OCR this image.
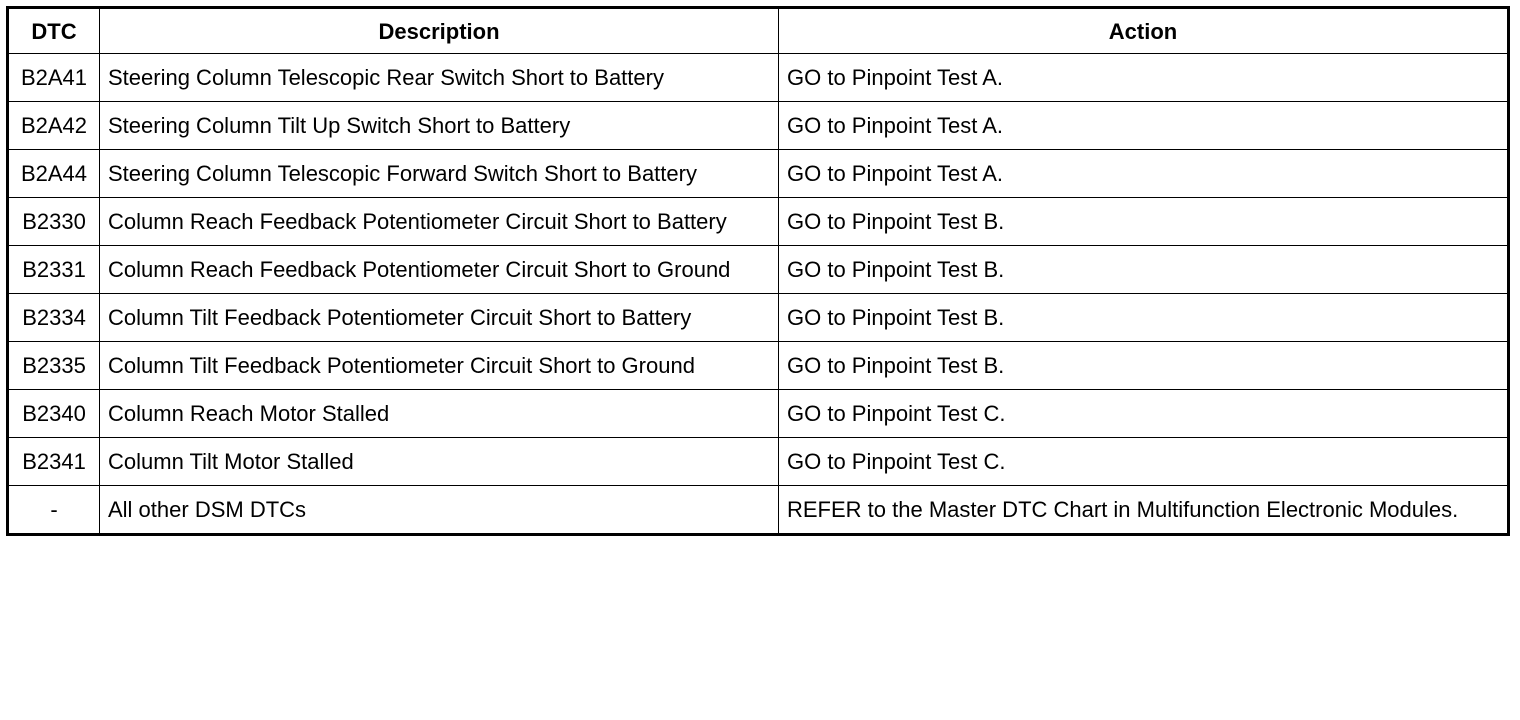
DTC	Description	Action
B2A41	Steering Column Telescopic Rear Switch Short to Battery	GO to Pinpoint Test A.
B2A42	Steering Column Tilt Up Switch Short to Battery	GO to Pinpoint Test A.
B2A44	Steering Column Telescopic Forward Switch Short to Battery	GO to Pinpoint Test A.
B2330	Column Reach Feedback Potentiometer Circuit Short to Battery	GO to Pinpoint Test B.
B2331	Column Reach Feedback Potentiometer Circuit Short to Ground	GO to Pinpoint Test B.
B2334	Column Tilt Feedback Potentiometer Circuit Short to Battery	GO to Pinpoint Test B.
B2335	Column Tilt Feedback Potentiometer Circuit Short to Ground	GO to Pinpoint Test B.
B2340	Column Reach Motor Stalled	GO to Pinpoint Test C.
B2341	Column Tilt Motor Stalled	GO to Pinpoint Test C.
-	All other DSM DTCs	REFER to the Master DTC Chart in Multifunction Electronic Modules.
